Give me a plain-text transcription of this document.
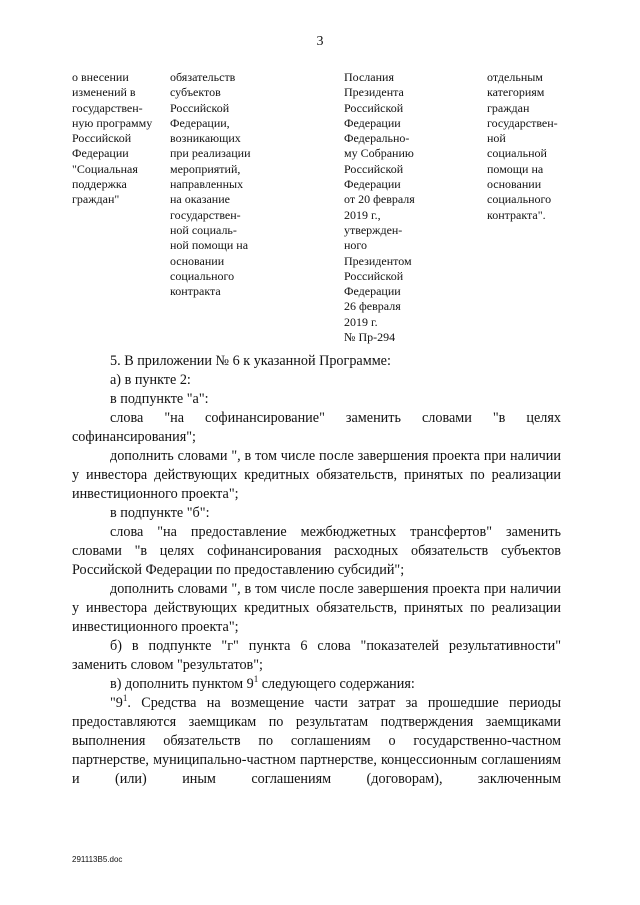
3
о внесении
изменений в
государствен-
ную программу
Российской
Федерации
"Социальная
поддержка
граждан"
обязательств
субъектов
Российской
Федерации,
возникающих
при реализации
мероприятий,
направленных
на оказание
государствен-
ной социаль-
ной помощи на
основании
социального
контракта
Послания
Президента
Российской
Федерации
Федерально-
му Собранию
Российской
Федерации
от 20 февраля
2019 г.,
утвержден-
ного
Президентом
Российской
Федерации
26 февраля
2019 г.
№ Пр-294
отдельным
категориям
граждан
государствен-
ной
социальной
помощи на
основании
социального
контракта".

5. В приложении № 6 к указанной Программе:

а) в пункте 2:

в подпункте "а":

слова "на софинансирование" заменить словами "в целях софинансирования";

дополнить словами ", в том числе после завершения проекта при наличии у инвестора действующих кредитных обязательств, принятых по реализации инвестиционного проекта";

в подпункте "б":

слова "на предоставление межбюджетных трансфертов" заменить словами "в целях софинансирования расходных обязательств субъектов Российской Федерации по предоставлению субсидий";

дополнить словами ", в том числе после завершения проекта при наличии у инвестора действующих кредитных обязательств, принятых по реализации инвестиционного проекта";

б) в подпункте "г" пункта 6 слова "показателей результативности" заменить словом "результатов";

в) дополнить пунктом $9^1$ следующего содержания:

"$9^1$. Средства на возмещение части затрат за прошедшие периоды предоставляются заемщикам по результатам подтверждения заемщиками выполнения обязательств по соглашениям о государственно-частном партнерстве, муниципально-частном партнерстве, концессионным соглашениям и (или) иным соглашениям (договорам), заключенным

291113B5.doc
